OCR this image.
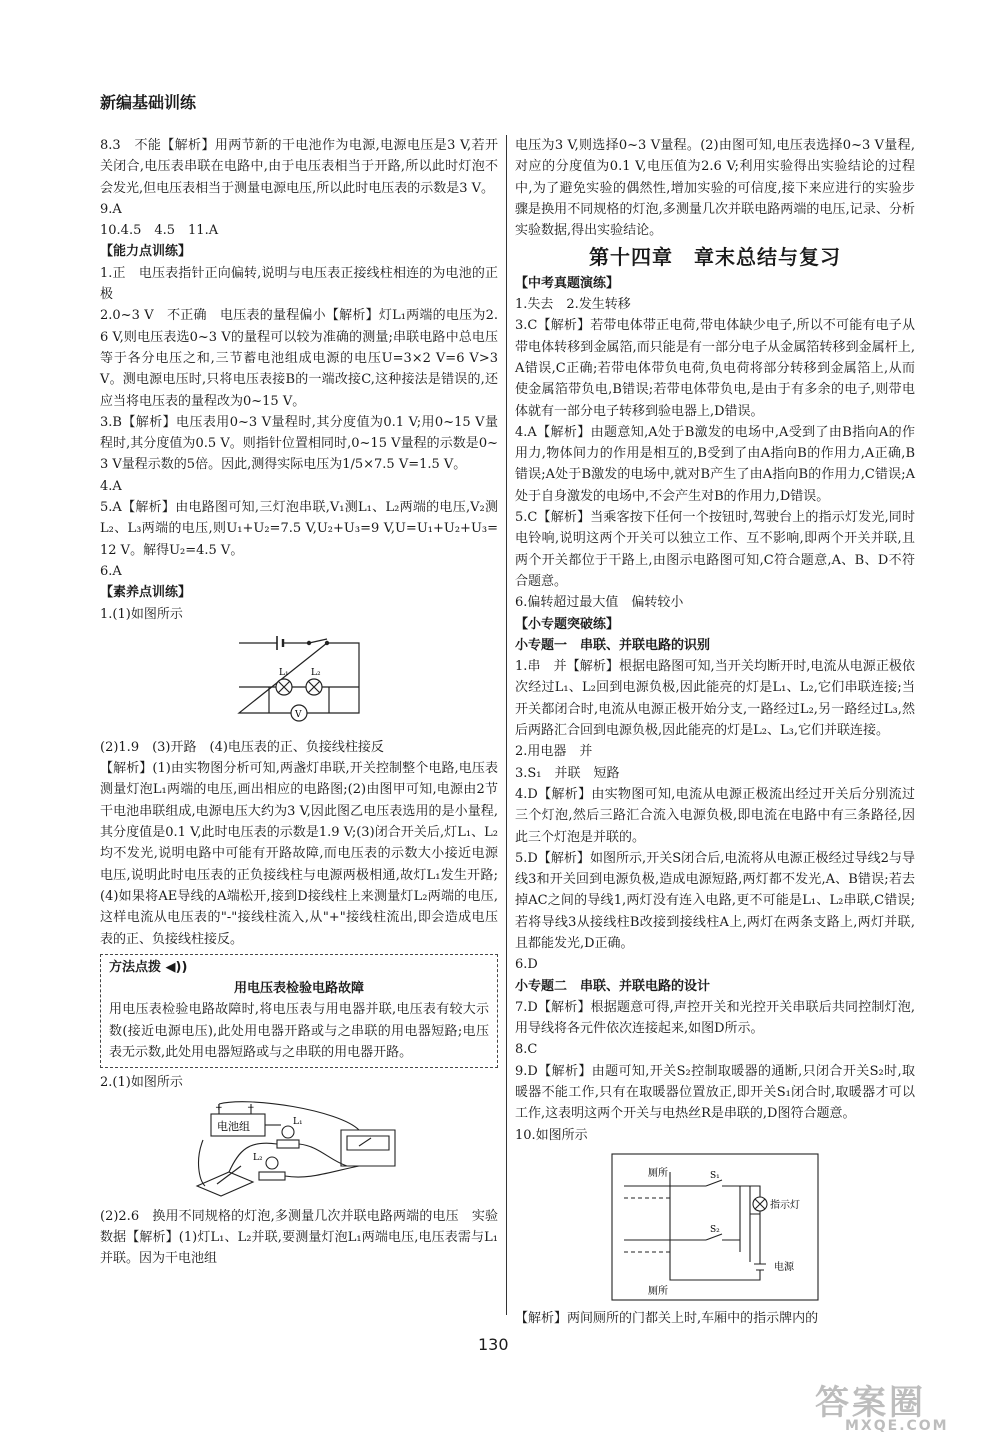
新编基础训练

8.3　不能【解析】用两节新的干电池作为电源,电源电压是3 V,若开关闭合,电压表串联在电路中,由于电压表相当于开路,所以此时灯泡不会发光,但电压表相当于测量电源电压,所以此时电压表的示数是3 V。

9.A

10.4.5　4.5　11.A

【能力点训练】

1.正　电压表指针正向偏转,说明与电压表正接线柱相连的为电池的正极

2.0~3 V　不正确　电压表的量程偏小【解析】灯L₁两端的电压为2.6 V,则电压表选0~3 V的量程可以较为准确的测量;串联电路中总电压等于各分电压之和,三节蓄电池组成电源的电压U=3×2 V=6 V>3 V。测电源电压时,只将电压表接B的一端改接C,这种接法是错误的,还应当将电压表的量程改为0~15 V。

3.B【解析】电压表用0~3 V量程时,其分度值为0.1 V;用0~15 V量程时,其分度值为0.5 V。则指针位置相同时,0~15 V量程的示数是0~3 V量程示数的5倍。因此,测得实际电压为1/5×7.5 V=1.5 V。

4.A

5.A【解析】由电路图可知,三灯泡串联,V₁测L₁、L₂两端的电压,V₂测L₂、L₃两端的电压,则U₁+U₂=7.5 V,U₂+U₃=9 V,U=U₁+U₂+U₃=12 V。解得U₂=4.5 V。

6.A

【素养点训练】

1.(1)如图所示

L₁ L₂
V

(2)1.9　(3)开路　(4)电压表的正、负接线柱接反

【解析】(1)由实物图分析可知,两盏灯串联,开关控制整个电路,电压表测量灯泡L₁两端的电压,画出相应的电路图;(2)由图甲可知,电源由2节干电池串联组成,电源电压大约为3 V,因此图乙电压表选用的是小量程,其分度值是0.1 V,此时电压表的示数是1.9 V;(3)闭合开关后,灯L₁、L₂均不发光,说明电路中可能有开路故障,而电压表的示数大小接近电源电压,说明此时电压表的正负接线柱与电源两极相通,故灯L₁发生开路;(4)如果将AE导线的A端松开,接到D接线柱上来测量灯L₂两端的电压,这样电流从电压表的"-"接线柱流入,从"+"接线柱流出,即会造成电压表的正、负接线柱接反。

方法点拨 ◀))
用电压表检验电路故障

用电压表检验电路故障时,将电压表与用电器并联,电压表有较大示数(接近电源电压),此处用电器开路或与之串联的用电器短路;电压表无示数,此处用电器短路或与之串联的用电器开路。

2.(1)如图所示

电池组
+	−
L₁
L₂

(2)2.6　换用不同规格的灯泡,多测量几次并联电路两端的电压　实验数据【解析】(1)灯L₁、L₂并联,要测量灯泡L₁两端电压,电压表需与L₁并联。因为干电池组

电压为3 V,则选择0~3 V量程。(2)由图可知,电压表选择0~3 V量程,对应的分度值为0.1 V,电压值为2.6 V;利用实验得出实验结论的过程中,为了避免实验的偶然性,增加实验的可信度,接下来应进行的实验步骤是换用不同规格的灯泡,多测量几次并联电路两端的电压,记录、分析实验数据,得出实验结论。

第十四章　章末总结与复习

【中考真题演练】

1.失去　2.发生转移

3.C【解析】若带电体带正电荷,带电体缺少电子,所以不可能有电子从带电体转移到金属箔,而只能是有一部分电子从金属箔转移到金属杆上,A错误,C正确;若带电体带负电荷,负电荷将部分转移到金属箔上,从而使金属箔带负电,B错误;若带电体带负电,是由于有多余的电子,则带电体就有一部分电子转移到验电器上,D错误。

4.A【解析】由题意知,A处于B激发的电场中,A受到了由B指向A的作用力,物体间力的作用是相互的,B受到了由A指向B的作用力,A正确,B错误;A处于B激发的电场中,就对B产生了由A指向B的作用力,C错误;A处于自身激发的电场中,不会产生对B的作用力,D错误。

5.C【解析】当乘客按下任何一个按钮时,驾驶台上的指示灯发光,同时电铃响,说明这两个开关可以独立工作、互不影响,即两个开关并联,且两个开关都位于干路上,由图示电路图可知,C符合题意,A、B、D不符合题意。

6.偏转超过最大值　偏转较小

【小专题突破练】

小专题一　串联、并联电路的识别

1.串　并【解析】根据电路图可知,当开关均断开时,电流从电源正极依次经过L₁、L₂回到电源负极,因此能亮的灯是L₁、L₂,它们串联连接;当开关都闭合时,电流从电源正极开始分支,一路经过L₂,另一路经过L₃,然后两路汇合回到电源负极,因此能亮的灯是L₂、L₃,它们并联连接。

2.用电器　并

3.S₁　并联　短路

4.D【解析】由实物图可知,电流从电源正极流出经过开关后分别流过三个灯泡,然后三路汇合流入电源负极,即电流在电路中有三条路径,因此三个灯泡是并联的。

5.D【解析】如图所示,开关S闭合后,电流将从电源正极经过导线2与导线3和开关回到电源负极,造成电源短路,两灯都不发光,A、B错误;若去掉AC之间的导线1,两灯没有连入电路,更不可能是L₁、L₂串联,C错误;若将导线3从接线柱B改接到接线柱A上,两灯在两条支路上,两灯并联,且都能发光,D正确。

6.D

小专题二　串联、并联电路的设计

7.D【解析】根据题意可得,声控开关和光控开关串联后共同控制灯泡,用导线将各元件依次连接起来,如图D所示。

8.C

9.D【解析】由题可知,开关S₂控制取暖器的通断,只闭合开关S₂时,取暖器不能工作,只有在取暖器位置放正,即开关S₁闭合时,取暖器才可以工作,这表明这两个开关与电热丝R是串联的,D图符合题意。

10.如图所示

厕所
厕所
S₁
S₂
指示灯
电源

【解析】两间厕所的门都关上时,车厢中的指示牌内的

130
答案圈
MXQE.COM
